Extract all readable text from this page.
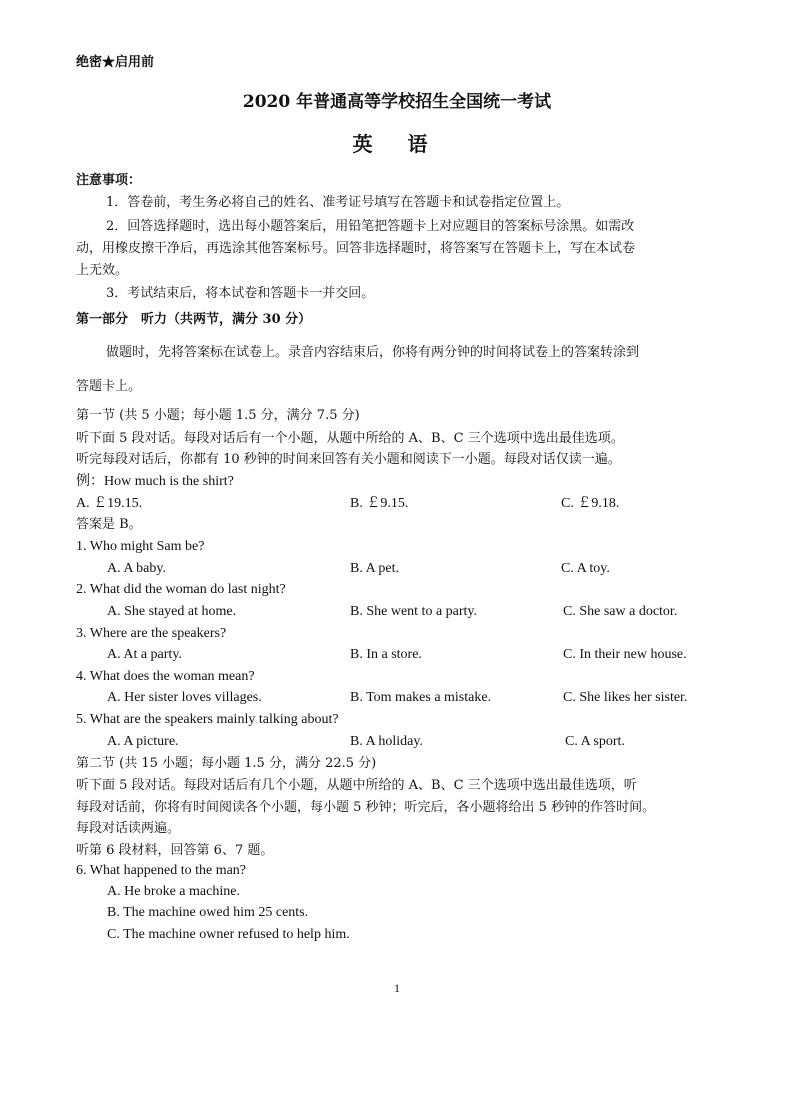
绝密★启用前
2020 年普通高等学校招生全国统一考试
英 语
注意事项：
1．答卷前，考生务必将自己的姓名、准考证号填写在答题卡和试卷指定位置上。
2．回答选择题时，选出每小题答案后，用铅笔把答题卡上对应题目的答案标号涂黑。如需改
动，用橡皮擦干净后，再选涂其他答案标号。回答非选择题时，将答案写在答题卡上，写在本试卷
上无效。
3．考试结束后，将本试卷和答题卡一并交回。
第一部分　听力（共两节，满分 30 分）
做题时，先将答案标在试卷上。录音内容结束后，你将有两分钟的时间将试卷上的答案转涂到
答题卡上。
第一节 (共 5 小题；每小题 1.5 分，满分 7.5 分)
听下面 5 段对话。每段对话后有一个小题，从题中所给的 A、B、C 三个选项中选出最佳选项。
听完每段对话后，你都有 10 秒钟的时间来回答有关小题和阅读下一小题。每段对话仅读一遍。
例：How much is the shirt?
A. ￡19.15.	B. ￡9.15.	C. ￡9.18.
答案是 B。
1. Who might Sam be?
A. A baby.	B. A pet.	C. A toy.
2. What did the woman do last night?
A. She stayed at home.	B. She went to a party.	C. She saw a doctor.
3. Where are the speakers?
A. At a party.	B. In a store.	C. In their new house.
4. What does the woman mean?
A. Her sister loves villages.	B. Tom makes a mistake.	C. She likes her sister.
5. What are the speakers mainly talking about?
A. A picture.	B. A holiday.	C. A sport.
第二节 (共 15 小题；每小题 1.5 分，满分 22.5 分)
听下面 5 段对话。每段对话后有几个小题，从题中所给的 A、B、C 三个选项中选出最佳选项，听
每段对话前，你将有时间阅读各个小题，每小题 5 秒钟；听完后，各小题将给出 5 秒钟的作答时间。
每段对话读两遍。
听第 6 段材料，回答第 6、7 题。
6. What happened to the man?
A. He broke a machine.
B. The machine owed him 25 cents.
C. The machine owner refused to help him.
1
